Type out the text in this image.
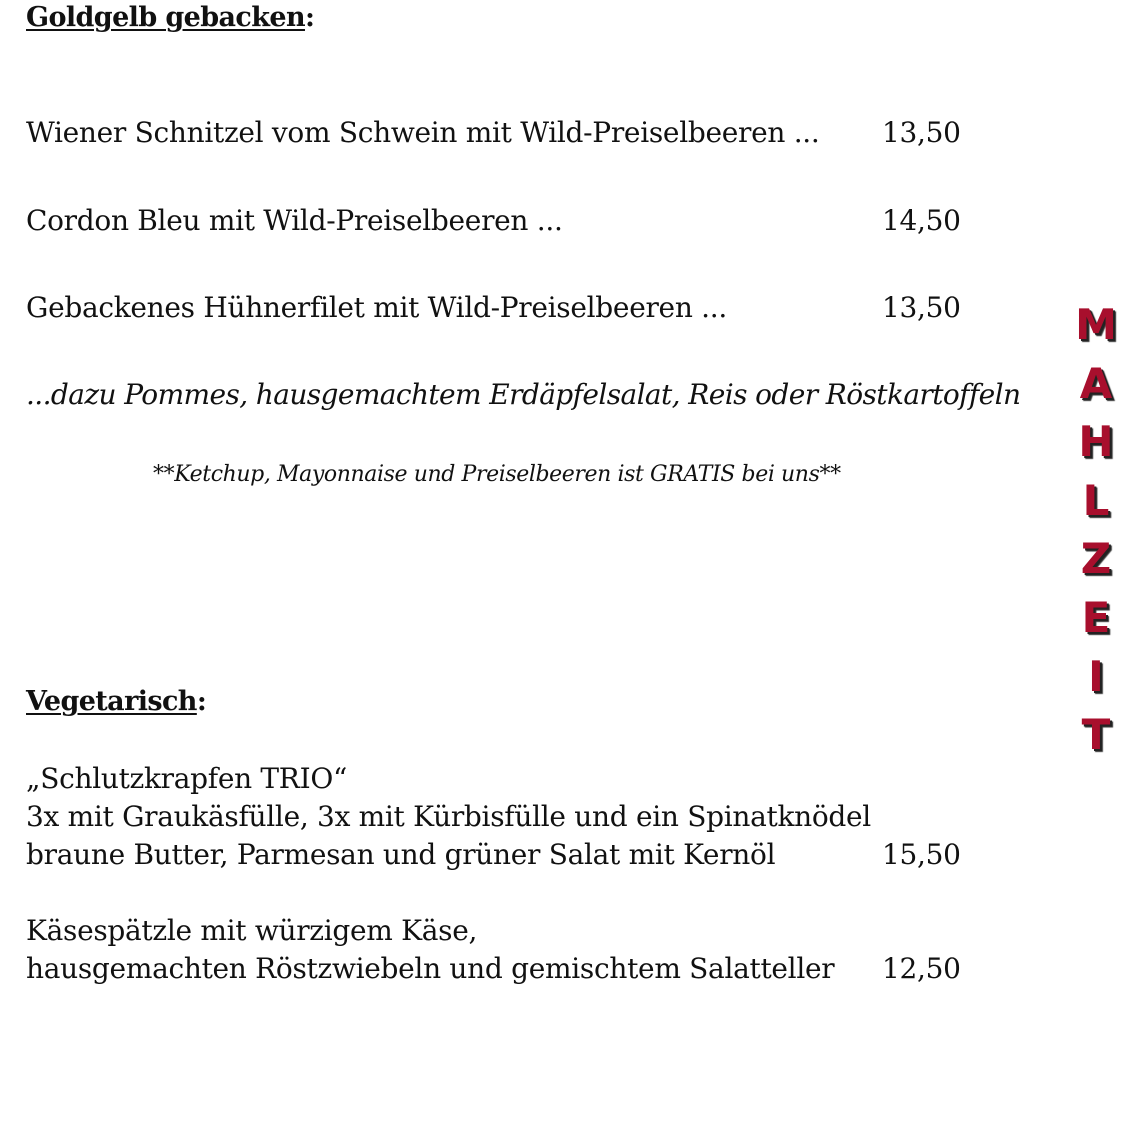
Goldgelb gebacken:
Wiener Schnitzel vom Schwein mit Wild-Preiselbeeren ... 13,50
Cordon Bleu mit Wild-Preiselbeeren ...	14,50
Gebackenes Hühnerfilet mit Wild-Preiselbeeren ...	13,50
...dazu Pommes, hausgemachtem Erdäpfelsalat, Reis oder Röstkartoffeln
**Ketchup, Mayonnaise und Preiselbeeren ist GRATIS bei uns**
Vegetarisch:
„Schlutzkrapfen TRIO“
3x mit Graukäsfülle, 3x mit Kürbisfülle und ein Spinatknödel
braune Butter, Parmesan und grüner Salat mit Kernöl	15,50
Käsespätzle mit würzigem Käse,
hausgemachten Röstzwiebeln und gemischtem Salatteller 12,50
M
A
H
L
Z
E
I
T
